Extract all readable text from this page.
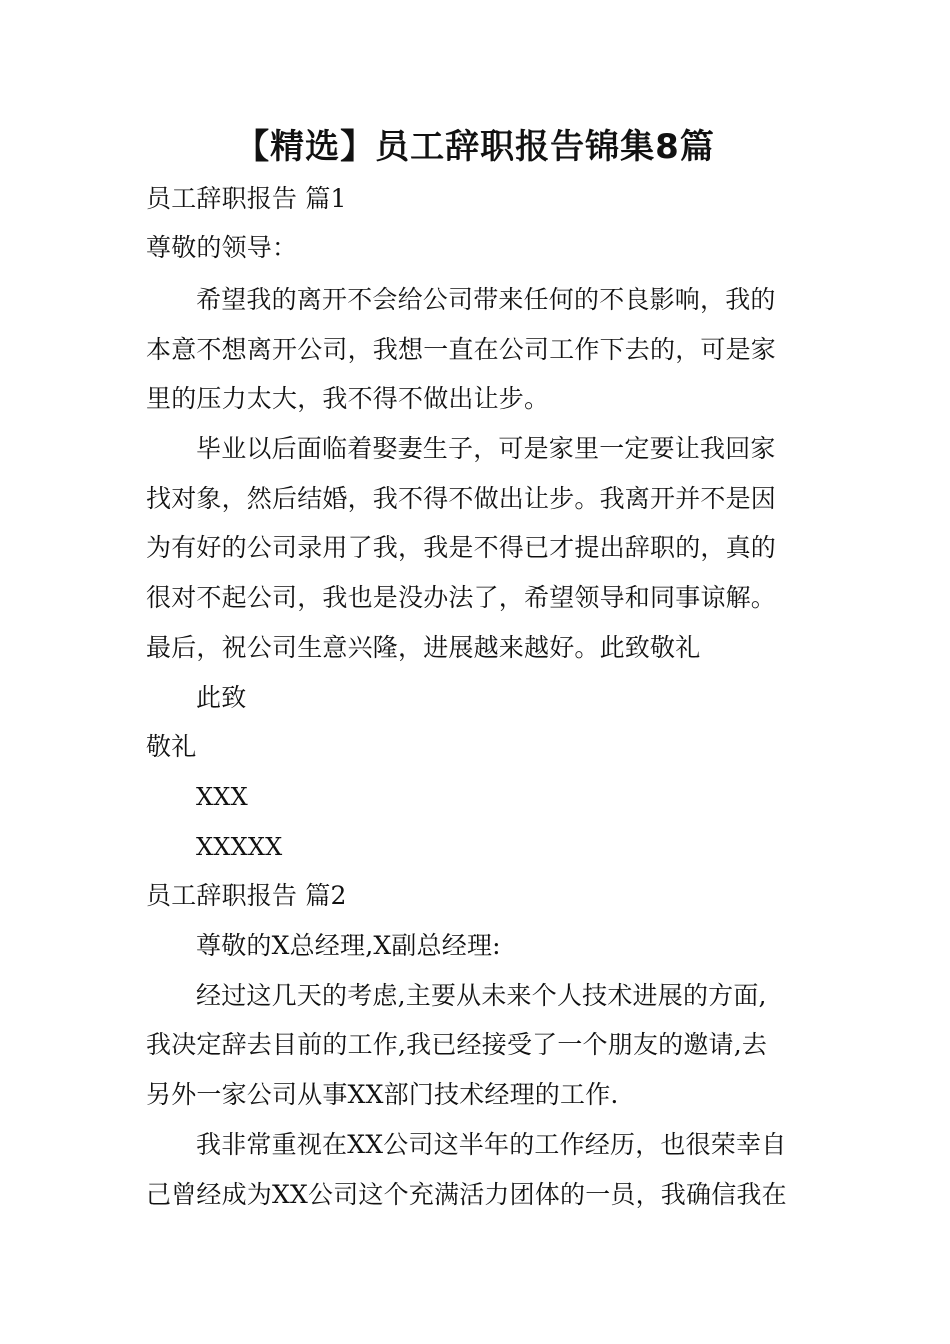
【精选】员工辞职报告锦集8篇
员工辞职报告 篇1
尊敬的领导：
希望我的离开不会给公司带来任何的不良影响，我的
本意不想离开公司，我想一直在公司工作下去的，可是家
里的压力太大，我不得不做出让步。
毕业以后面临着娶妻生子，可是家里一定要让我回家
找对象，然后结婚，我不得不做出让步。我离开并不是因
为有好的公司录用了我，我是不得已才提出辞职的，真的
很对不起公司，我也是没办法了，希望领导和同事谅解。
最后，祝公司生意兴隆，进展越来越好。此致敬礼
此致
敬礼
XXX
XXXXX
员工辞职报告 篇2
尊敬的X总经理,X副总经理:
经过这几天的考虑,主要从未来个人技术进展的方面,
我决定辞去目前的工作,我已经接受了一个朋友的邀请,去
另外一家公司从事XX部门技术经理的工作.
我非常重视在XX公司这半年的工作经历，也很荣幸自
己曾经成为XX公司这个充满活力团体的一员，我确信我在
